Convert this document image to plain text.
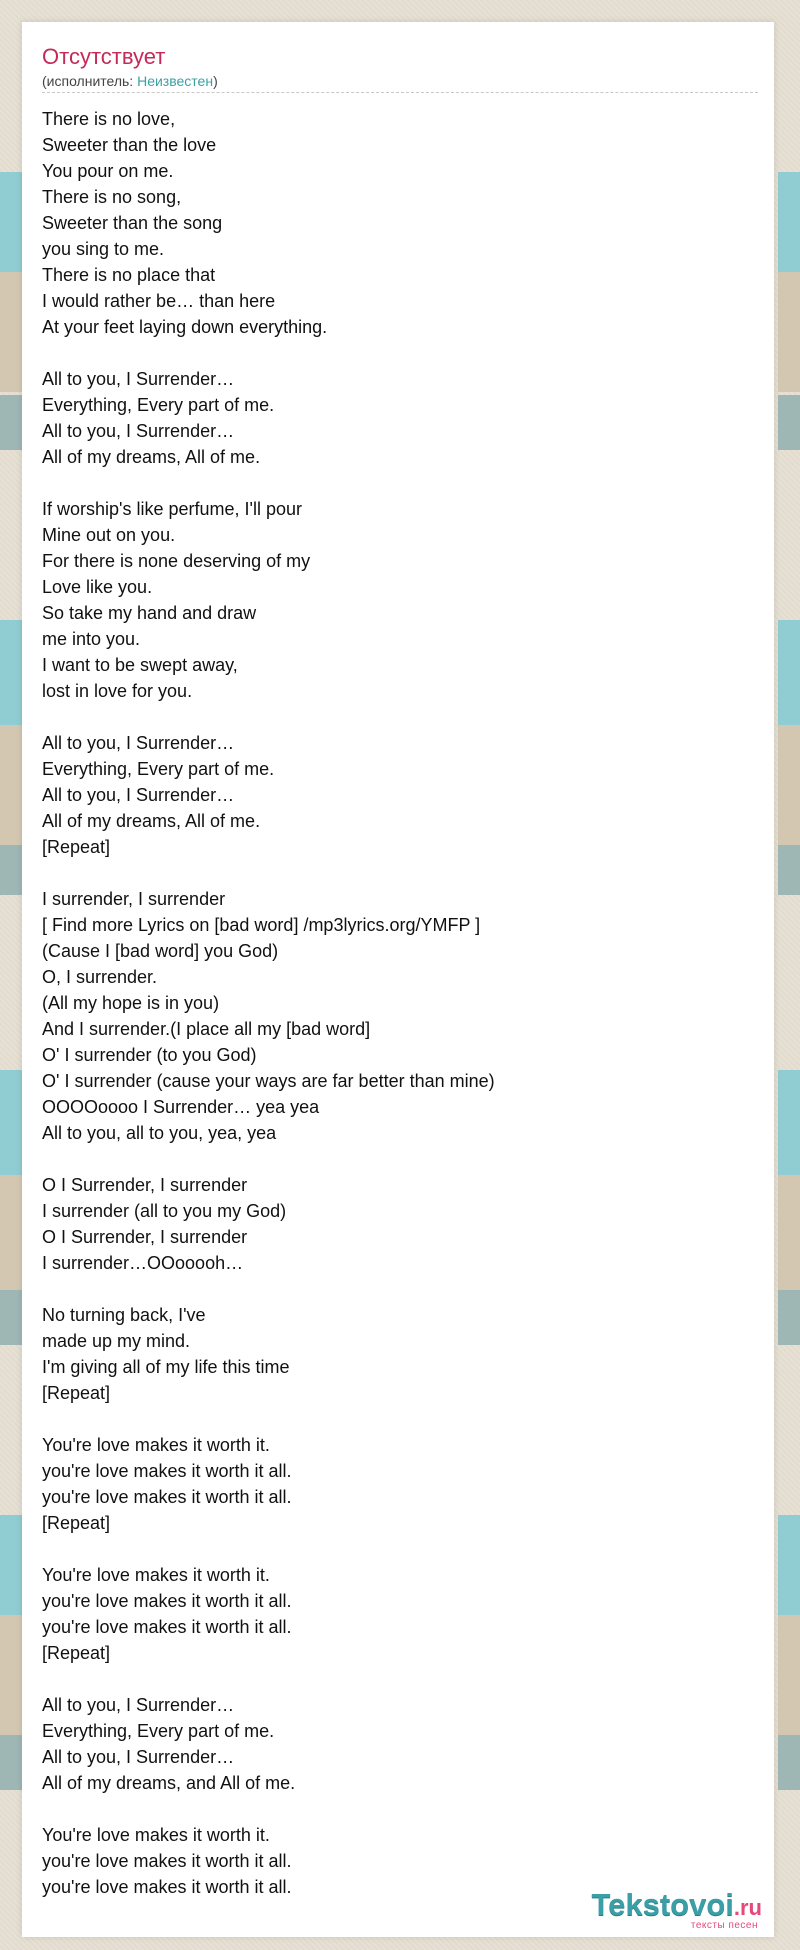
Отсутствует
(исполнитель: Неизвестен)
There is no love,
Sweeter than the love
You pour on me.
There is no song,
Sweeter than the song
you sing to me.
There is no place that
I would rather be… than here
At your feet laying down everything.
All to you, I Surrender…
Everything, Every part of me.
All to you, I Surrender…
All of my dreams, All of me.
If worship's like perfume, I'll pour
Mine out on you.
For there is none deserving of my
Love like you.
So take my hand and draw
me into you.
I want to be swept away,
lost in love for you.
All to you, I Surrender…
Everything, Every part of me.
All to you, I Surrender…
All of my dreams, All of me.
[Repeat]
I surrender, I surrender
[ Find more Lyrics on [bad word] /mp3lyrics.org/YMFP ]
(Cause I [bad word] you God)
O, I surrender.
(All my hope is in you)
And I surrender.(I place all my [bad word]
O' I surrender (to you God)
O' I surrender (cause your ways are far better than mine)
OOOOoooo I Surrender… yea yea
All to you, all to you, yea, yea
O I Surrender, I surrender
I surrender (all to you my God)
O I Surrender, I surrender
I surrender…OOooooh…
No turning back, I've
made up my mind.
I'm giving all of my life this time
[Repeat]
You're love makes it worth it.
you're love makes it worth it all.
you're love makes it worth it all.
[Repeat]
You're love makes it worth it.
you're love makes it worth it all.
you're love makes it worth it all.
[Repeat]
All to you, I Surrender…
Everything, Every part of me.
All to you, I Surrender…
All of my dreams, and All of me.
You're love makes it worth it.
you're love makes it worth it all.
you're love makes it worth it all.	Tekstovoi.ru
тексты песен
